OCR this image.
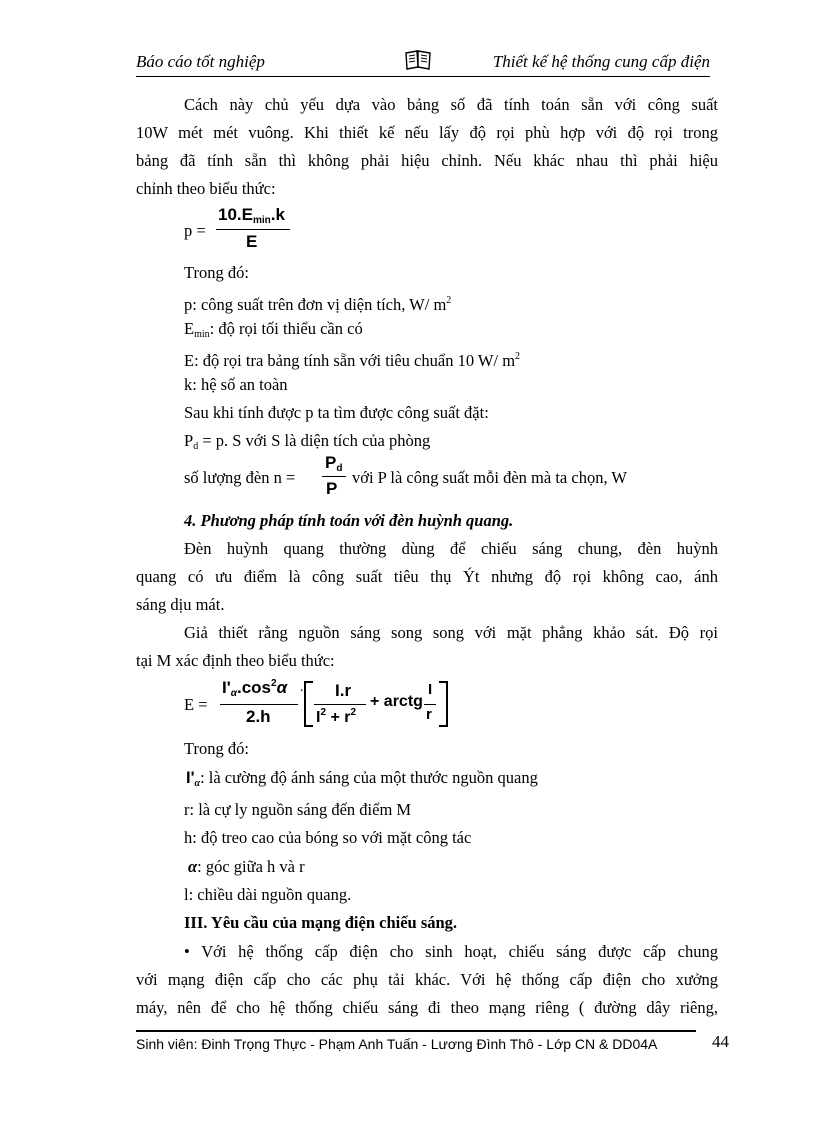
Báo cáo tốt nghiệp	Thiết kế hệ thống cung cấp điện
Cách này chủ yếu dựa vào bảng số đã tính toán sẵn với công suất
10W mét mét vuông. Khi thiết kế nếu lấy độ rọi phù hợp với độ rọi trong
bảng đã tính sẵn thì không phải hiệu chỉnh. Nếu khác nhau thì phải hiệu
chỉnh theo biểu thức:
p =
$10.E_{min}.k$
E
Trong đó:
p: công suất trên đơn vị diện tích, W/ $m^2$
$E_{min}$: độ rọi tối thiểu cần có
E: độ rọi tra bảng tính sẵn với tiêu chuẩn 10 W/ $m^2$
k: hệ số an toàn
Sau khi tính được p ta tìm được công suất đặt:
$P_d = p$. S với S là diện tích của phòng
số lượng đèn n =
$P_d$
P
với P là công suất mỗi đèn mà ta chọn, W
4. Phương pháp tính toán với đèn huỳnh quang.
Đèn huỳnh quang thường dùng để chiếu sáng chung, đèn huỳnh
quang có ưu điểm là công suất tiêu thụ Ýt nhưng độ rọi không cao, ánh
sáng dịu mát.
Giả thiết rằng nguồn sáng song song với mặt phẳng khảo sát. Độ rọi
tại M xác định theo biểu thức:
E =
$I'_\alpha.\cos^2\alpha$
2.h
. I.r
$I^2 + r^2$
+ arctg
I
r
Trong đó:
$I'_\alpha$: là cường độ ánh sáng của một thước nguồn quang
r: là cự ly nguồn sáng đến điểm M
h: độ treo cao của bóng so với mặt công tác
α: góc giữa h và r
l: chiều dài nguồn quang.
III. Yêu cầu của mạng điện chiếu sáng.
• Với hệ thống cấp điện cho sinh hoạt, chiếu sáng được cấp chung
với mạng điện cấp cho các phụ tải khác. Với hệ thống cấp điện cho xưởng
máy, nên để cho hệ thống chiếu sáng đi theo mạng riêng ( đường dây riêng,
Sinh viên: Đinh Trọng Thực - Phạm Anh Tuấn - Lương Đình Thô - Lớp CN & DD04A	44
